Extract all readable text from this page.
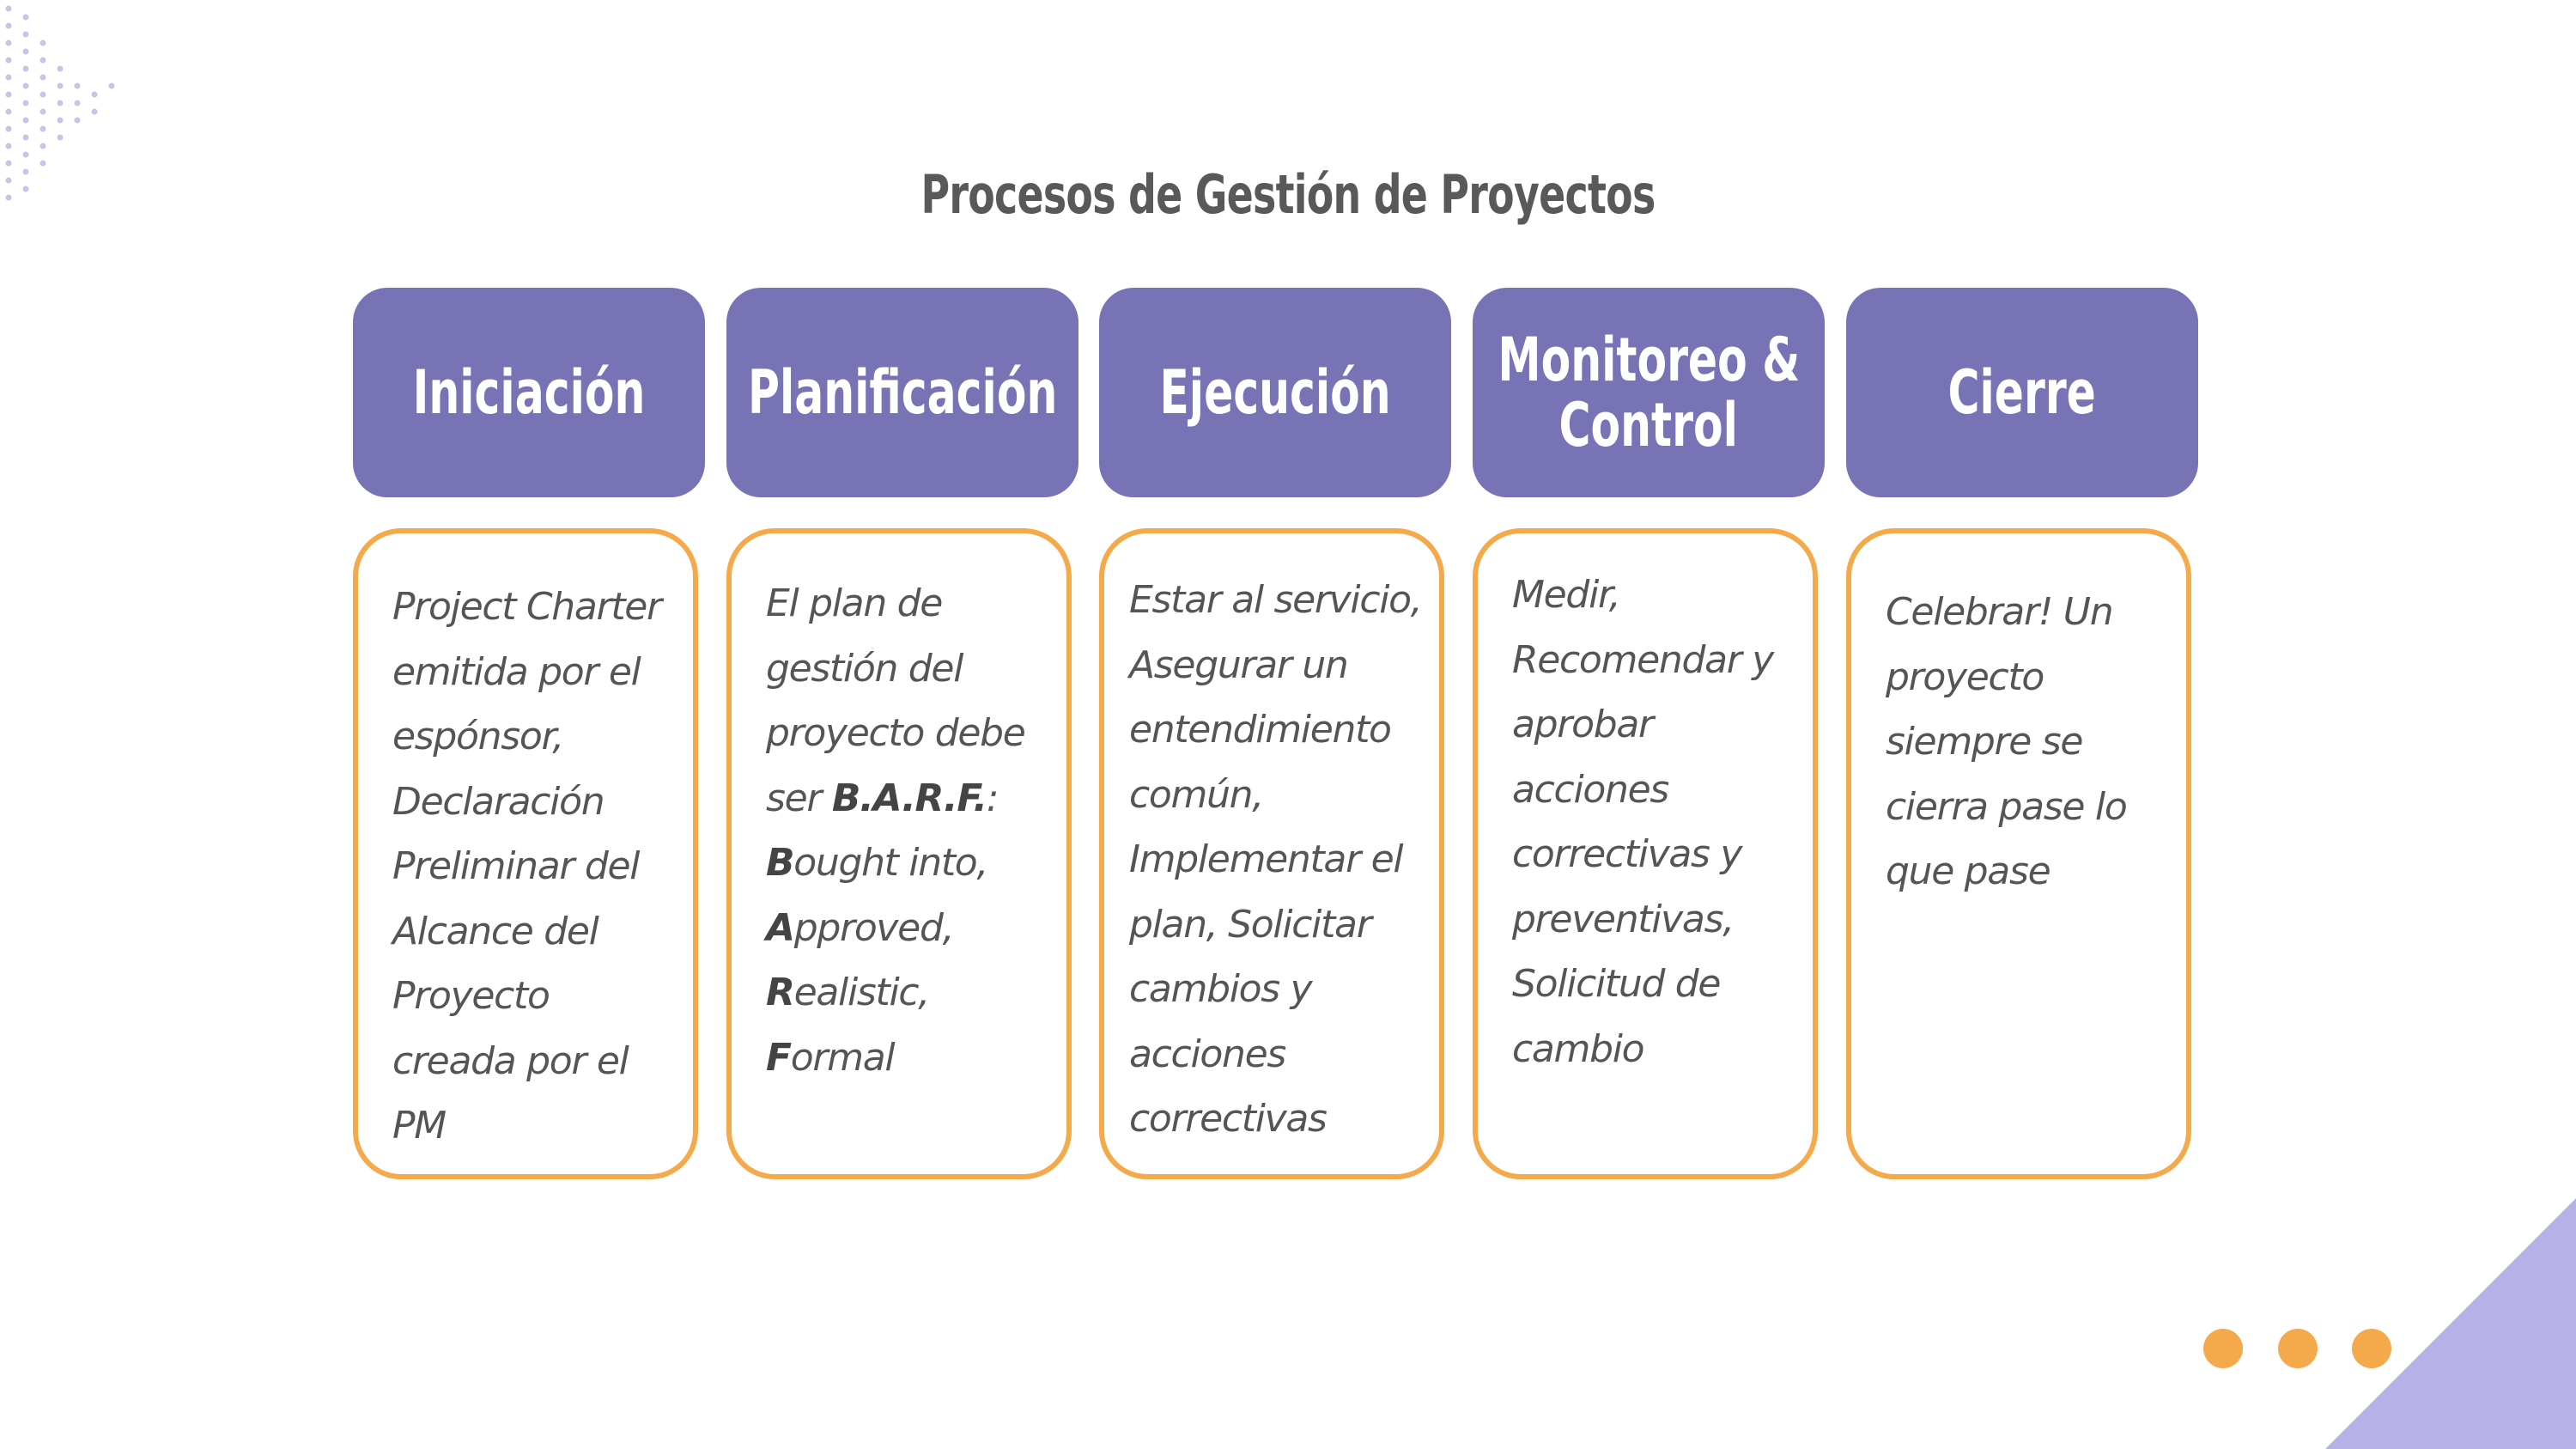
Procesos de Gestión de Proyectos
Iniciación
Project Charter emitida por el espónsor, Declaración Preliminar del Alcance del Proyecto creada por el PM
Planificación
El plan de
gestión del
proyecto debe
ser B.A.R.F.:
Bought into,
Approved,
Realistic,
Formal
Ejecución
Estar al servicio, Asegurar un entendimiento común, Implementar el plan, Solicitar cambios y acciones correctivas
Monitoreo &
Control
Medir, Recomendar y aprobar acciones correctivas y preventivas, Solicitud de cambio
Cierre
Celebrar! Un proyecto siempre se cierra pase lo que pase
